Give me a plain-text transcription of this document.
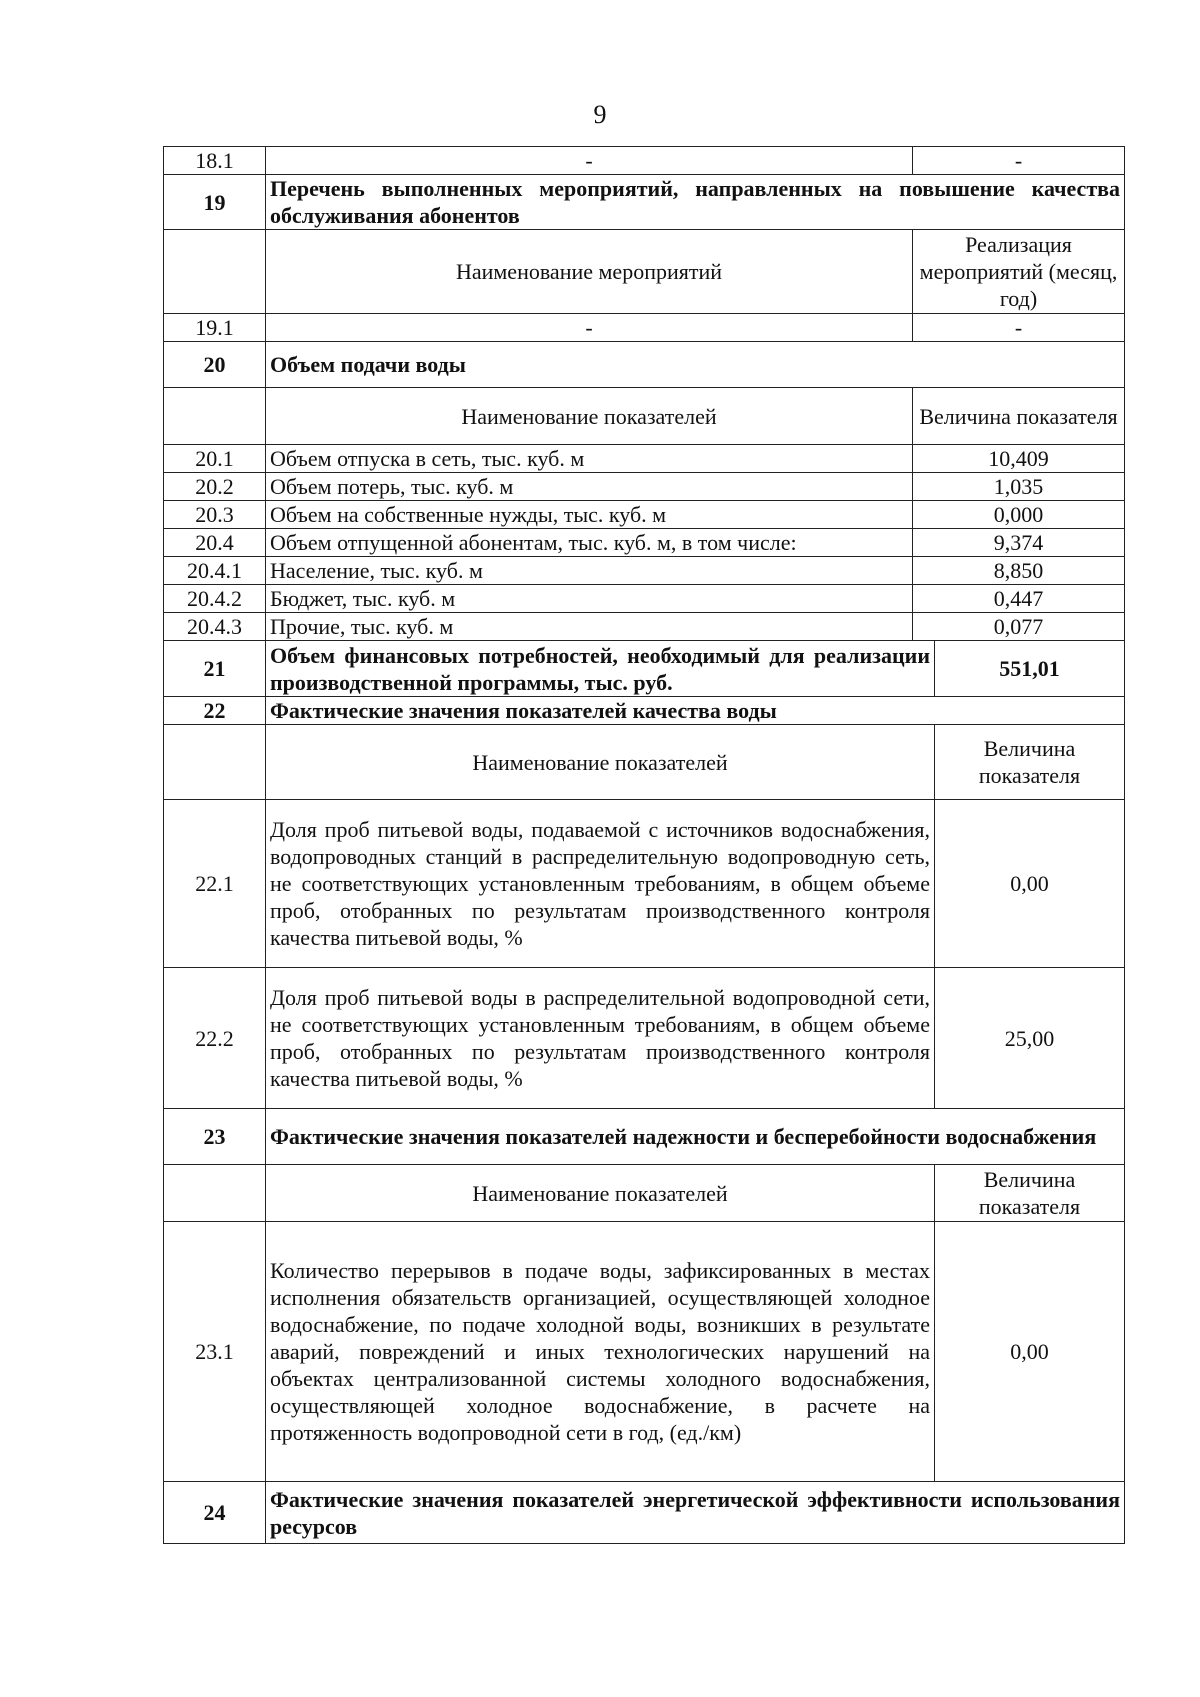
9
18.1	-	-	
19	Перечень выполненных мероприятий, направленных на повышение качества обслуживания абонентов		
	Наименование мероприятий	Реализация мероприятий (месяц, год)	
19.1	-	-	
20	Объем подачи воды		
	Наименование показателей	Величина показателя	
20.1	Объем отпуска в сеть, тыс. куб. м	10,409	
20.2	Объем потерь, тыс. куб. м	1,035	
20.3	Объем на собственные нужды, тыс. куб. м	0,000	
20.4	Объем отпущенной абонентам, тыс. куб. м, в том числе:	9,374	
20.4.1	Население, тыс. куб. м	8,850	
20.4.2	Бюджет, тыс. куб. м	0,447	
20.4.3	Прочие, тыс. куб. м	0,077	
21	Объем финансовых потребностей, необходимый для реализации производственной программы, тыс. руб.		551,01
22	Фактические значения показателей качества воды		
	Наименование показателей		Величина показателя
22.1	Доля проб питьевой воды, подаваемой с источников водоснабжения, водопроводных станций в распределительную водопроводную сеть, не соответствующих установленным требованиям, в общем объеме проб, отобранных по результатам производственного контроля качества питьевой воды, %		0,00
22.2	Доля проб питьевой воды в распределительной водопроводной сети, не соответствующих установленным требованиям, в общем объеме проб, отобранных по результатам производственного контроля качества питьевой воды, %		25,00
23	Фактические значения показателей надежности и бесперебойности водоснабжения		
	Наименование показателей		Величина показателя
23.1	Количество перерывов в подаче воды, зафиксированных в местах исполнения обязательств организацией, осуществляющей холодное водоснабжение, по подаче холодной воды, возникших в результате аварий, повреждений и иных технологических нарушений на объектах централизованной системы холодного водоснабжения, осуществляющей холодное водоснабжение, в расчете на протяженность водопроводной сети в год, (ед./км)		0,00
24	Фактические значения показателей энергетической эффективности использования ресурсов		
